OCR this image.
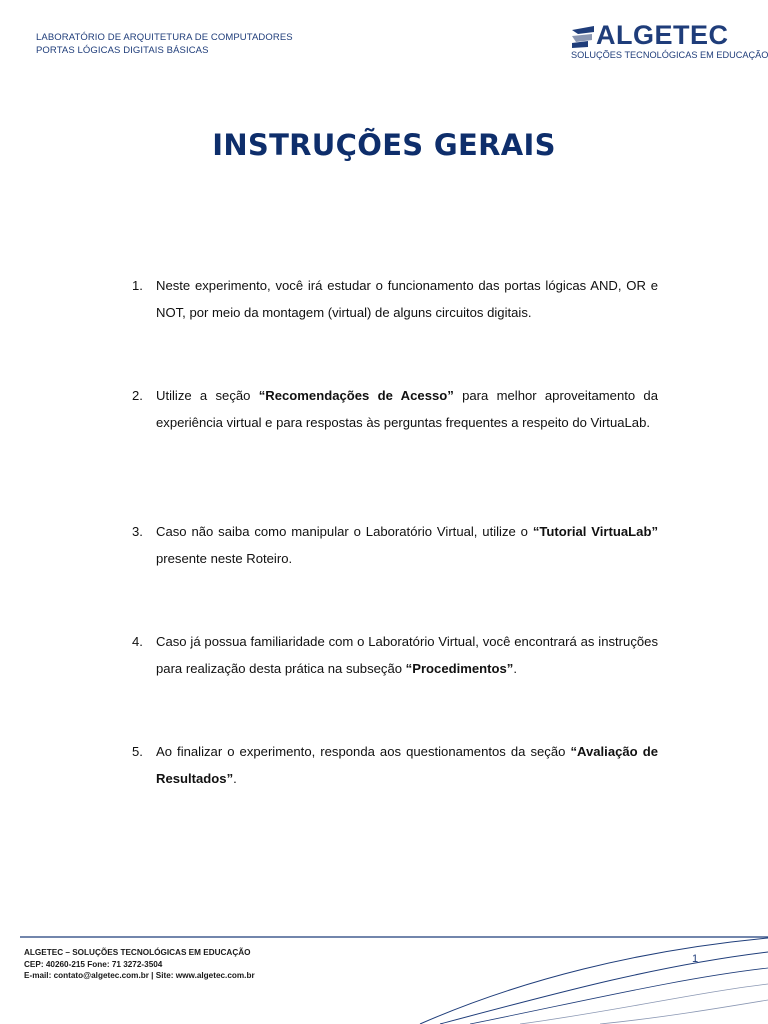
LABORATÓRIO DE ARQUITETURA DE COMPUTADORES
PORTAS LÓGICAS DIGITAIS BÁSICAS
ALGETEC
SOLUÇÕES TECNOLÓGICAS EM EDUCAÇÃO
INSTRUÇÕES GERAIS
1. Neste experimento, você irá estudar o funcionamento das portas lógicas AND, OR e NOT, por meio da montagem (virtual) de alguns circuitos digitais.
2. Utilize a seção “Recomendações de Acesso” para melhor aproveitamento da experiência virtual e para respostas às perguntas frequentes a respeito do VirtuaLab.
3. Caso não saiba como manipular o Laboratório Virtual, utilize o “Tutorial VirtuaLab” presente neste Roteiro.
4. Caso já possua familiaridade com o Laboratório Virtual, você encontrará as instruções para realização desta prática na subseção “Procedimentos”.
5. Ao finalizar o experimento, responda aos questionamentos da seção “Avaliação de Resultados”.
ALGETEC – SOLUÇÕES TECNOLÓGICAS EM EDUCAÇÃO
CEP: 40260-215 Fone: 71 3272-3504
E-mail: contato@algetec.com.br | Site: www.algetec.com.br
1
